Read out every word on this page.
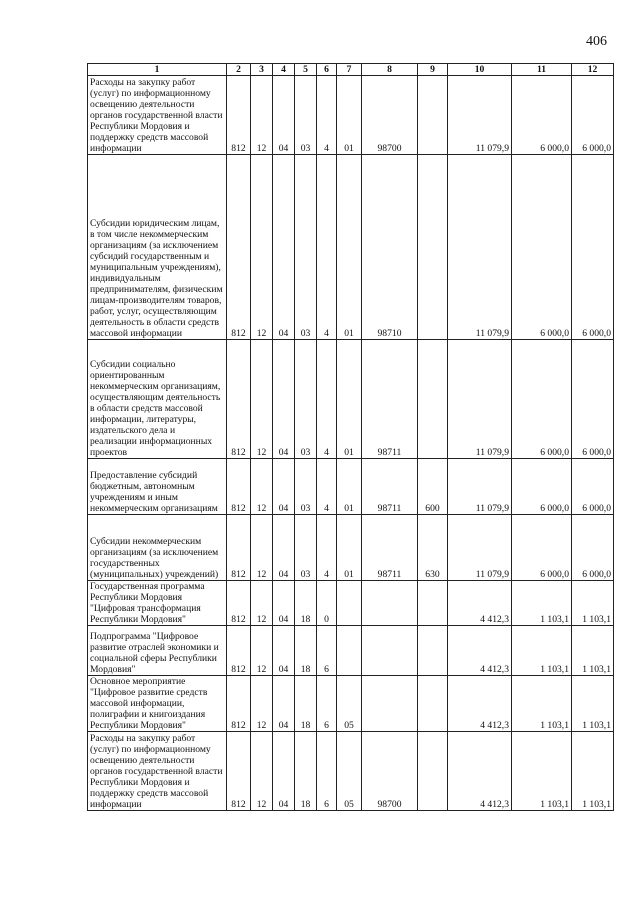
406
1	2	3	4	5	6	7	8	9	10	11	12

Расходы на закупку работ (услуг) по информационному освещению деятельности органов государственной власти Республики Мордовия и поддержку средств массовой информации	812	12	04	03	4	01	98700		11 079,9	6 000,0	6 000,0

Субсидии юридическим лицам, в том числе некоммерческим организациям (за исключением субсидий государственным и муниципальным учреждениям), индивидуальным предпринимателям, физическим лицам-производителям товаров, работ, услуг, осуществляющим деятельность в области средств массовой информации	812	12	04	03	4	01	98710		11 079,9	6 000,0	6 000,0

Субсидии социально ориентированным некоммерческим организациям, осуществляющим деятельность в области средств массовой информации, литературы, издательского дела и реализации информационных проектов	812	12	04	03	4	01	98711		11 079,9	6 000,0	6 000,0

Предоставление субсидий бюджетным, автономным учреждениям и иным некоммерческим организациям	812	12	04	03	4	01	98711	600	11 079,9	6 000,0	6 000,0

Субсидии некоммерческим организациям (за исключением государственных (муниципальных) учреждений)	812	12	04	03	4	01	98711	630	11 079,9	6 000,0	6 000,0

Государственная программа Республики Мордовия "Цифровая трансформация Республики Мордовия"	812	12	04	18	0				4 412,3	1 103,1	1 103,1

Подпрограмма "Цифровое развитие отраслей экономики и социальной сферы Республики Мордовия"	812	12	04	18	6				4 412,3	1 103,1	1 103,1

Основное мероприятие "Цифровое развитие средств массовой информации, полиграфии и книгоиздания Республики Мордовия"	812	12	04	18	6	05			4 412,3	1 103,1	1 103,1

Расходы на закупку работ (услуг) по информационному освещению деятельности органов государственной власти Республики Мордовия и поддержку средств массовой информации	812	12	04	18	6	05	98700		4 412,3	1 103,1	1 103,1
